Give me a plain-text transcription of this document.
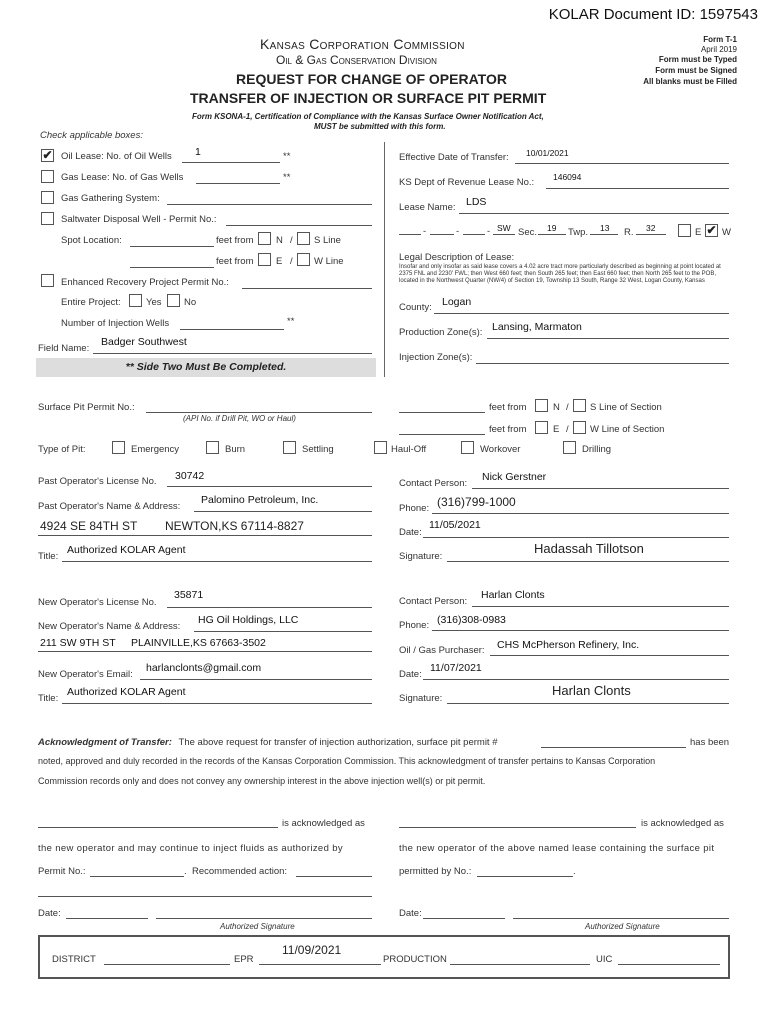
KOLAR Document ID: 1597543
Kansas Corporation Commission
Oil & Gas Conservation Division
REQUEST FOR CHANGE OF OPERATOR
TRANSFER OF INJECTION OR SURFACE PIT PERMIT
Form KSONA-1, Certification of Compliance with the Kansas Surface Owner Notification Act,
MUST be submitted with this form.
Form T-1
April 2019
Form must be Typed
Form must be Signed
All blanks must be Filled
Check applicable boxes:
✔ Oil Lease: No. of Oil Wells 1	**
Gas Lease: No. of Gas Wells	**
Gas Gathering System:
Saltwater Disposal Well - Permit No.:
Spot Location:	feet from N / S Line
feet from E / W Line
Enhanced Recovery Project Permit No.:
Entire Project:	Yes No
Number of Injection Wells	**
Field Name:
Badger Southwest
** Side Two Must Be Completed.
Effective Date of Transfer: 10/01/2021
KS Dept of Revenue Lease No.: 146094
Lease Name: LDS
-	-	- SW Sec. 19 Twp. 13 R. 32	E ✔ W
Legal Description of Lease:
Insofar and only insofar as said lease covers a 4.02 acre tract more particularly described as beginning at point located at 2375 FNL and 2230' FWL; then West 660 feet; then South 265 feet; then East 660 feet; then North 265 feet to the POB, located in the Northwest Quarter (NW/4) of Section 19, Township 13 South, Range 32 West, Logan County, Kansas
County: Logan
Production Zone(s): Lansing, Marmaton
Injection Zone(s):
Surface Pit Permit No.:
(API No. if Drill Pit, WO or Haul)
feet from	N / S Line of Section
feet from	E / W Line of Section
Type of Pit:	Emergency	Burn	Settling	Haul-Off	Workover	Drilling
Past Operator's License No. 30742
Past Operator's Name & Address:
Palomino Petroleum, Inc.
4924 SE 84TH ST NEWTON,KS 67114-8827
Title:
Authorized KOLAR Agent
Contact Person:
Nick Gerstner
Phone: (316)799-1000
Date:
11/05/2021
Signature:
Hadassah Tillotson
New Operator's License No.
35871
New Operator's Name & Address:
HG Oil Holdings, LLC
211 SW 9TH ST PLAINVILLE,KS 67663-3502
New Operator's Email:
harlanclonts@gmail.com
Title:
Authorized KOLAR Agent
Contact Person:
Harlan Clonts
Phone: (316)308-0983
Oil / Gas Purchaser: CHS McPherson Refinery, Inc.
Date:
11/07/2021
Signature:
Harlan Clonts
Acknowledgment of Transfer: The above request for transfer of injection authorization, surface pit permit #	has been
noted, approved and duly recorded in the records of the Kansas Corporation Commission. This acknowledgment of transfer pertains to Kansas Corporation
Commission records only and does not convey any ownership interest in the above injection well(s) or pit permit.
is acknowledged as	is acknowledged as
the new operator and may continue to inject fluids as authorized by	the new operator of the above named lease containing the surface pit
Permit No.:	. Recommended action:	permitted by No.:	.
Date:
Authorized Signature
Date:
Authorized Signature
DISTRICT	EPR
11/09/2021
PRODUCTION	UIC
